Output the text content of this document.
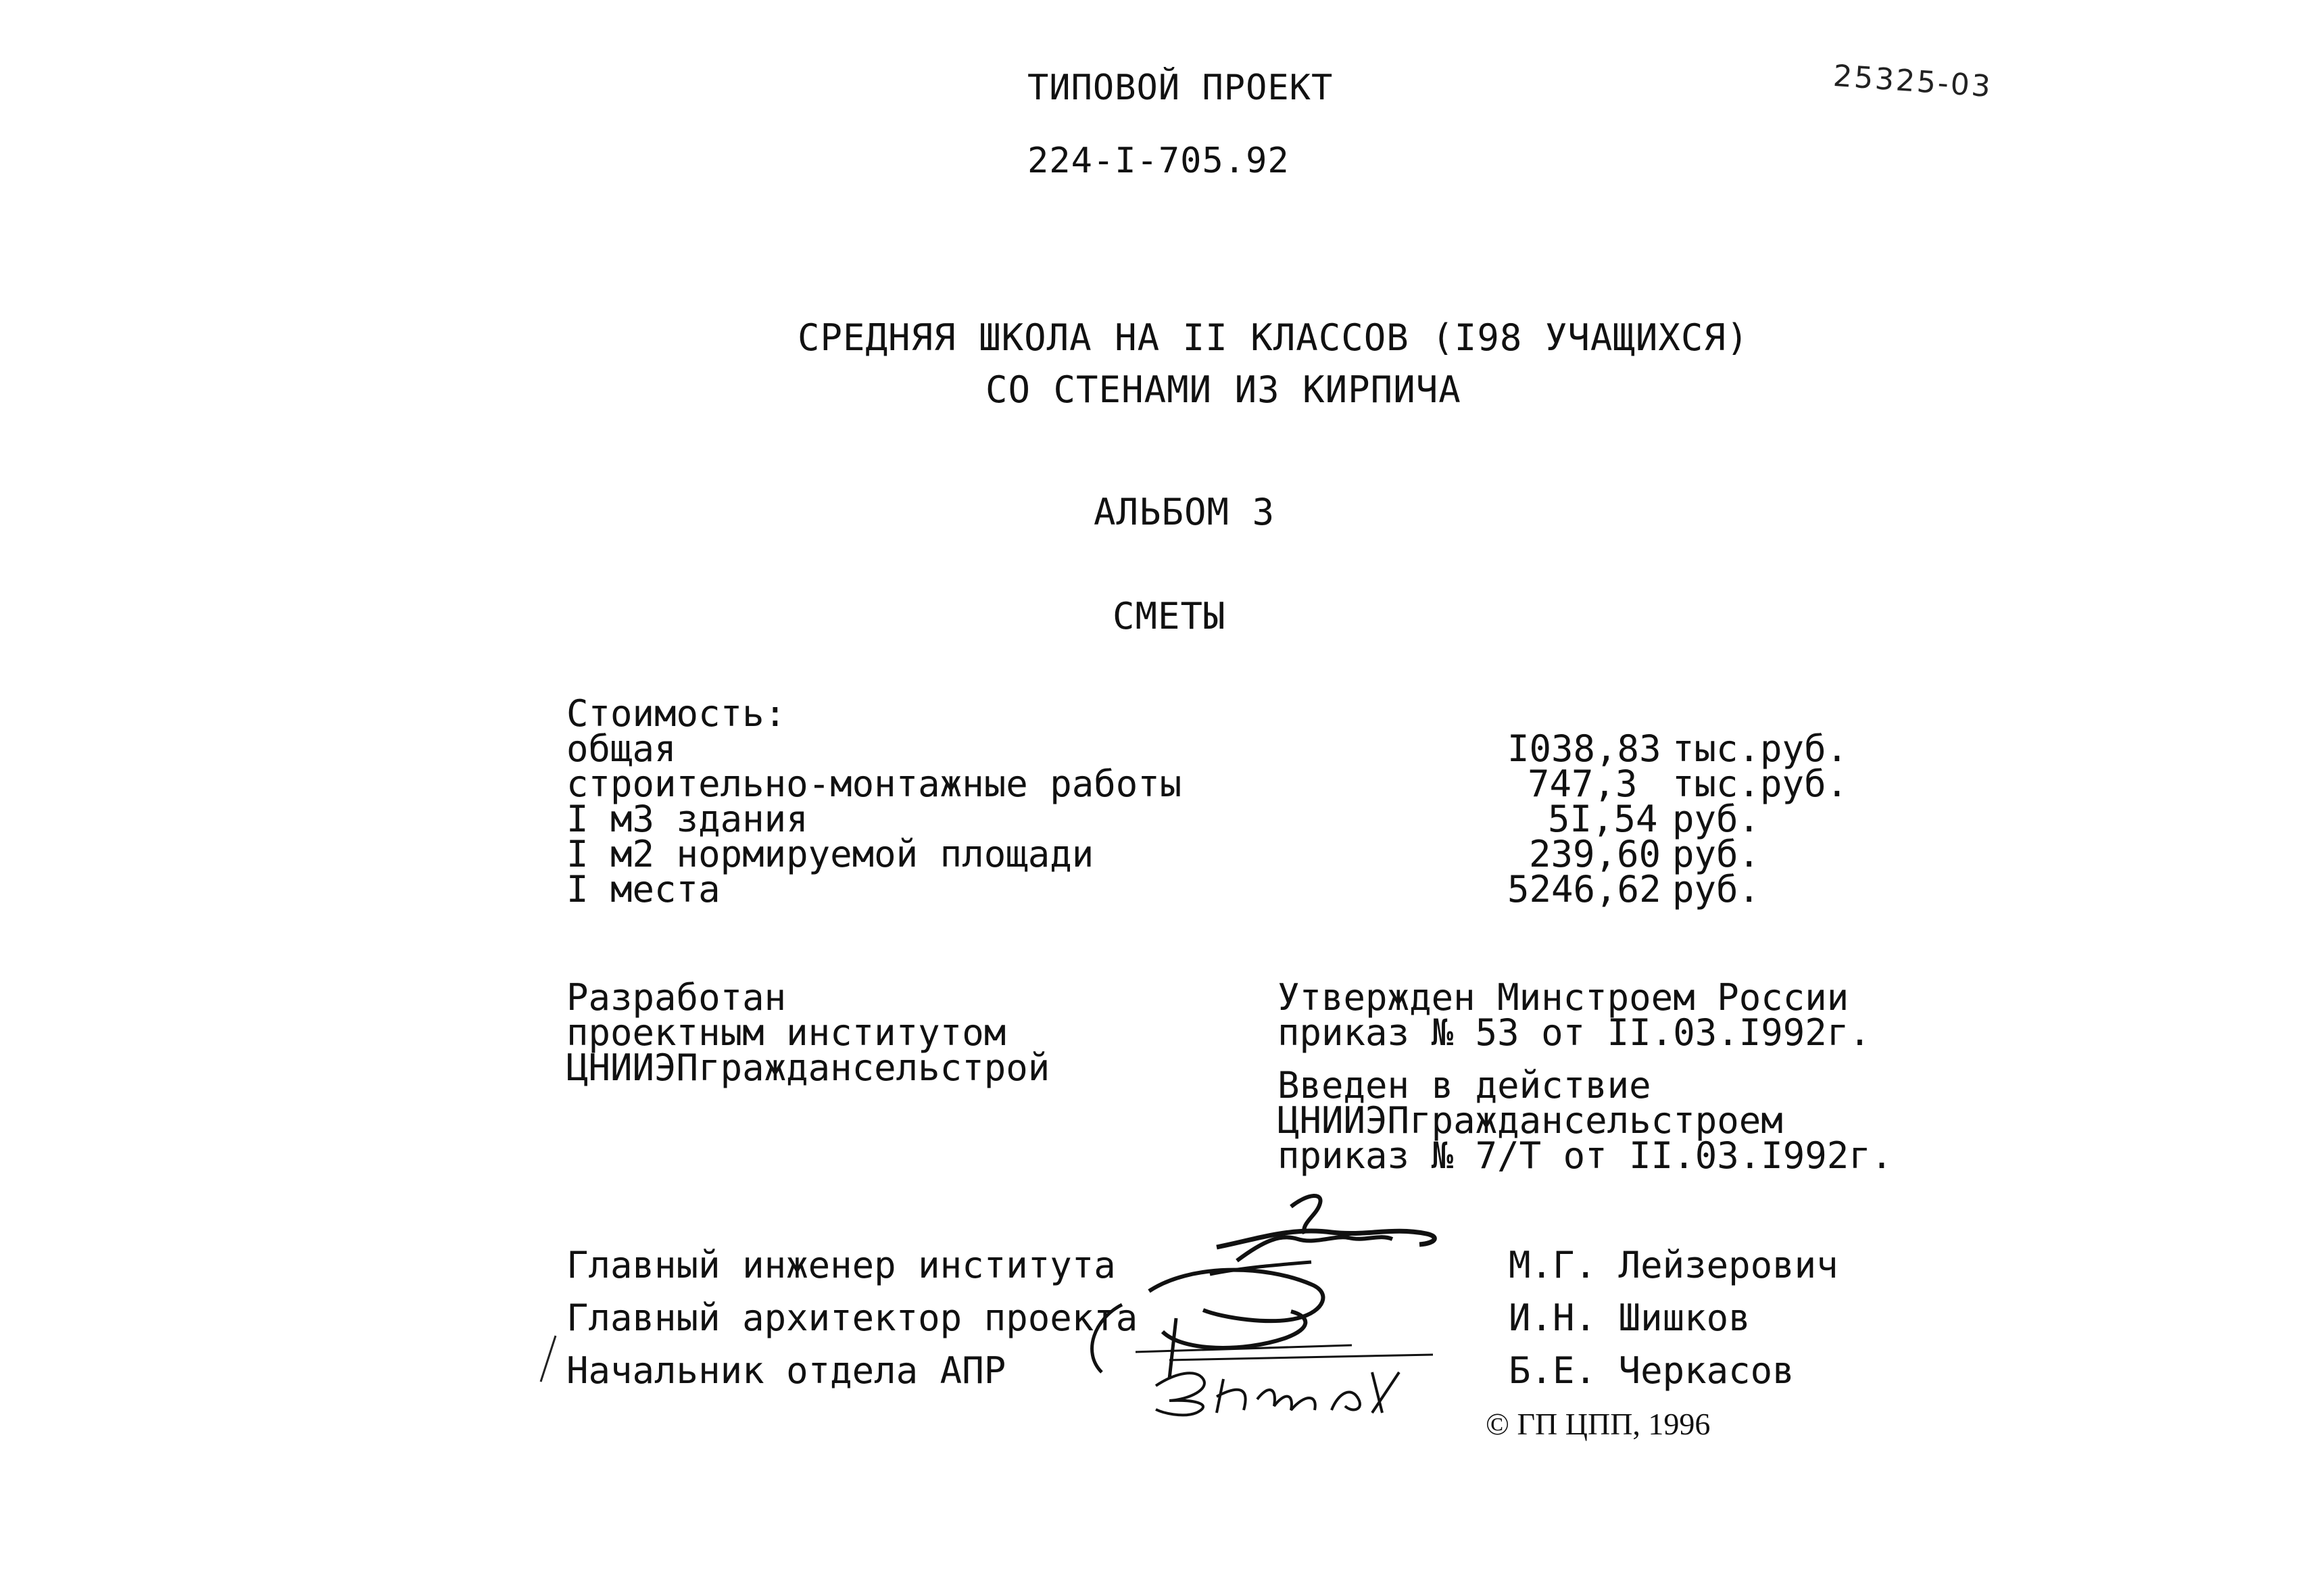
ТИПОВОЙ ПРОЕКТ
224-I-705.92
25325-03
СРЕДНЯЯ ШКОЛА НА II КЛАССОВ (I98 УЧАЩИХСЯ)
СО СТЕНАМИ ИЗ КИРПИЧА
АЛЬБОМ 3
СМЕТЫ
Стоимость:
общая	I038,83 тыс.руб.
строительно-монтажные работы	747,3 тыс.руб.
I м3 здания	5I,54 руб.
I м2 нормируемой площади	239,60 руб.
I места	5246,62 руб.
Разработан
проектным институтом
ЦНИИЭПграждансельстрой
Утвержден Минстроем России
приказ № 53 от II.03.I992г.
Введен в действие
ЦНИИЭПграждансельстроем
приказ № 7/Т от II.03.I992г.
Главный инженер института	М.Г. Лейзерович
Главный архитектор проекта	И.Н. Шишков
Начальник отдела АПР	Б.Е. Черкасов
© ГП ЦПП, 1996
